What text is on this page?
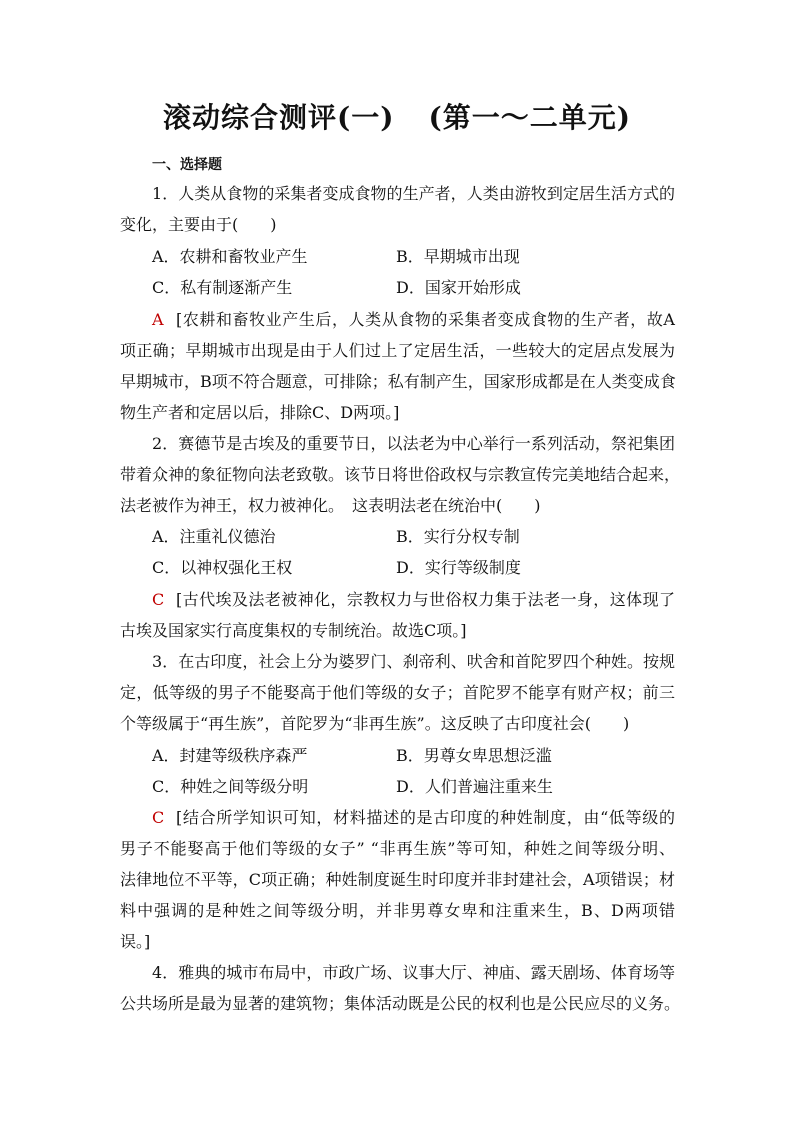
滚动综合测评(一) (第一～二单元)
一、选择题
1．人类从食物的采集者变成食物的生产者，人类由游牧到定居生活方式的
变化，主要由于(　　)
A．农耕和畜牧业产生	B．早期城市出现
C．私有制逐渐产生	D．国家开始形成
A [农耕和畜牧业产生后，人类从食物的采集者变成食物的生产者，故A
项正确；早期城市出现是由于人们过上了定居生活，一些较大的定居点发展为
早期城市，B项不符合题意，可排除；私有制产生，国家形成都是在人类变成食
物生产者和定居以后，排除C、D两项。]
2．赛德节是古埃及的重要节日，以法老为中心举行一系列活动，祭祀集团
带着众神的象征物向法老致敬。该节日将世俗政权与宗教宣传完美地结合起来，
法老被作为神王，权力被神化。　这表明法老在统治中(　　)
A．注重礼仪德治	B．实行分权专制
C．以神权强化王权	D．实行等级制度
C [古代埃及法老被神化，宗教权力与世俗权力集于法老一身，这体现了
古埃及国家实行高度集权的专制统治。故选C项。]
3．在古印度，社会上分为婆罗门、刹帝利、吠舍和首陀罗四个种姓。按规
定，低等级的男子不能娶高于他们等级的女子；首陀罗不能享有财产权；前三
个等级属于“再生族”，首陀罗为“非再生族”。这反映了古印度社会(　　)
A．封建等级秩序森严	B．男尊女卑思想泛滥
C．种姓之间等级分明	D．人们普遍注重来生
C [结合所学知识可知，材料描述的是古印度的种姓制度，由“低等级的
男子不能娶高于他们等级的女子” “非再生族”等可知，种姓之间等级分明、
法律地位不平等，C项正确；种姓制度诞生时印度并非封建社会，A项错误；材
料中强调的是种姓之间等级分明，并非男尊女卑和注重来生，B、D两项错
误。]
4．雅典的城市布局中，市政广场、议事大厅、神庙、露天剧场、体育场等
公共场所是最为显著的建筑物；集体活动既是公民的权利也是公民应尽的义务。
